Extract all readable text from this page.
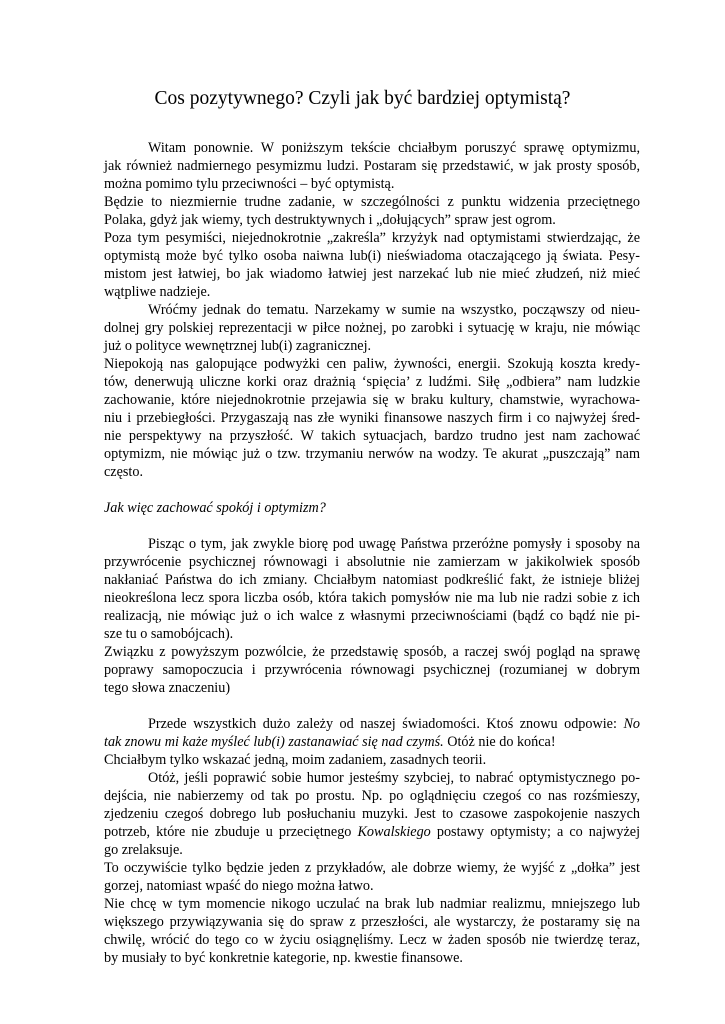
Cos pozytywnego? Czyli jak być bardziej optymistą?
Witam ponownie. W poniższym tekście chciałbym poruszyć sprawę optymizmu,
jak również nadmiernego pesymizmu ludzi. Postaram się przedstawić, w jak prosty sposób,
można pomimo tylu przeciwności – być optymistą.
Będzie to niezmiernie trudne zadanie, w szczególności z punktu widzenia przeciętnego
Polaka, gdyż jak wiemy, tych destruktywnych i „dołujących” spraw jest ogrom.
Poza tym pesymiści, niejednokrotnie „zakreśla” krzyżyk nad optymistami stwierdzając, że
optymistą może być tylko osoba naiwna lub(i) nieświadoma otaczającego ją świata. Pesy-
mistom jest łatwiej, bo jak wiadomo łatwiej jest narzekać lub nie mieć złudzeń, niż mieć
wątpliwe nadzieje.
Wróćmy jednak do tematu. Narzekamy w sumie na wszystko, począwszy od nieu-
dolnej gry polskiej reprezentacji w piłce nożnej, po zarobki i sytuację w kraju, nie mówiąc
już o polityce wewnętrznej lub(i) zagranicznej.
Niepokoją nas galopujące podwyżki cen paliw, żywności, energii. Szokują koszta kredy-
tów, denerwują uliczne korki oraz drażnią ‘spięcia’ z ludźmi. Siłę „odbiera” nam ludzkie
zachowanie, które niejednokrotnie przejawia się w braku kultury, chamstwie, wyrachowa-
niu i przebiegłości. Przygaszają nas złe wyniki finansowe naszych firm i co najwyżej śred-
nie perspektywy na przyszłość. W takich sytuacjach, bardzo trudno jest nam zachować
optymizm, nie mówiąc już o tzw. trzymaniu nerwów na wodzy. Te akurat „puszczają” nam
często.
Jak więc zachować spokój i optymizm?
Pisząc o tym, jak zwykle biorę pod uwagę Państwa przeróżne pomysły i sposoby na
przywrócenie psychicznej równowagi i absolutnie nie zamierzam w jakikolwiek sposób
nakłaniać Państwa do ich zmiany. Chciałbym natomiast podkreślić fakt, że istnieje bliżej
nieokreślona lecz spora liczba osób, która takich pomysłów nie ma lub nie radzi sobie z ich
realizacją, nie mówiąc już o ich walce z własnymi przeciwnościami (bądź co bądź nie pi-
sze tu o samobójcach).
Związku z powyższym pozwólcie, że przedstawię sposób, a raczej swój pogląd na sprawę
poprawy samopoczucia i przywrócenia równowagi psychicznej (rozumianej w dobrym
tego słowa znaczeniu)
Przede wszystkich dużo zależy od naszej świadomości. Ktoś znowu odpowie: No
tak znowu mi każe myśleć lub(i) zastanawiać się nad czymś. Otóż nie do końca!
Chciałbym tylko wskazać jedną, moim zadaniem, zasadnych teorii.
Otóż, jeśli poprawić sobie humor jesteśmy szybciej, to nabrać optymistycznego po-
dejścia, nie nabierzemy od tak po prostu. Np. po oglądnięciu czegoś co nas rozśmieszy,
zjedzeniu czegoś dobrego lub posłuchaniu muzyki. Jest to czasowe zaspokojenie naszych
potrzeb, które nie zbuduje u przeciętnego Kowalskiego postawy optymisty; a co najwyżej
go zrelaksuje.
To oczywiście tylko będzie jeden z przykładów, ale dobrze wiemy, że wyjść z „dołka” jest
gorzej, natomiast wpaść do niego można łatwo.
Nie chcę w tym momencie nikogo uczulać na brak lub nadmiar realizmu, mniejszego lub
większego przywiązywania się do spraw z przeszłości, ale wystarczy, że postaramy się na
chwilę, wrócić do tego co w życiu osiągnęliśmy. Lecz w żaden sposób nie twierdzę teraz,
by musiały to być konkretnie kategorie, np. kwestie finansowe.
